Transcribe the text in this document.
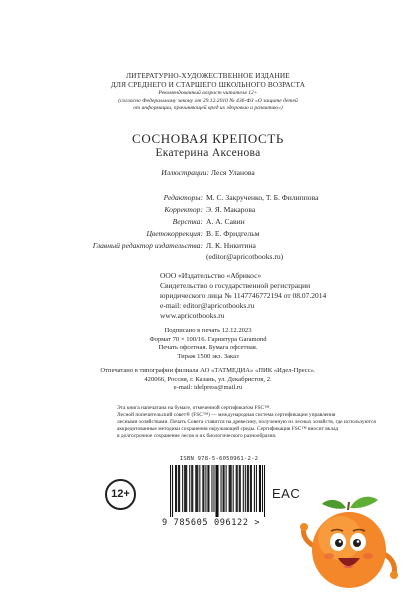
ЛИТЕРАТУРНО-ХУДОЖЕСТВЕННОЕ ИЗДАНИЕ
ДЛЯ СРЕДНЕГО И СТАРШЕГО ШКОЛЬНОГО ВОЗРАСТА
Рекомендованный возраст читателя 12+
(согласно Федеральному закону от 29.12.2010 № 436-ФЗ «О защите детей
от информации, причиняющей вред их здоровью и развитию»)
СОСНОВАЯ КРЕПОСТЬ
Екатерина Аксенова
Иллюстрации: Леся Уланова
Редакторы: М. С. Закрученко, Т. Б. Филиппова
Корректор: Э. Я. Макарова
Верстка: А. А. Савин
Цветокоррекция: В. Е. Фридгельм
Главный редактор издательства: Л. К. Никитина
(editor@apricotbooks.ru)
ООО «Издательство «Абрикос»
Свидетельство о государственной регистрации
юридического лица № 1147746772194 от 08.07.2014
e-mail: editor@apricotbooks.ru
www.apricotbooks.ru
Подписано в печать 12.12.2023
Формат 70 × 100/16. Гарнитура Garamond
Печать офсетная. Бумага офсетная.
Тираж 1500 экз. Заказ
Отпечатано в типографии филиала АО «ТАТМЕДИА» «ПИК «Идел-Пресс».
420066, Россия, г. Казань, ул. Декабристов, 2.
e-mail: idelpress@mail.ru
Эта книга напечатана на бумаге, отмеченной сертификатом FSC™.
Лесной попечительский совет® (FSC™) — международная система сертификации управления
лесными хозяйствами. Печать Совета ставится на древесину, полученную из лесных хозяйств, где используются
аккредитованные методики сохранения окружающей среды. Сертификация FSC™ вносит вклад
в долгосрочное сохранение лесов и их биологического разнообразия.
12+
ISBN 978-5-6050961-2-2
9 785605 096122 >
EAC
